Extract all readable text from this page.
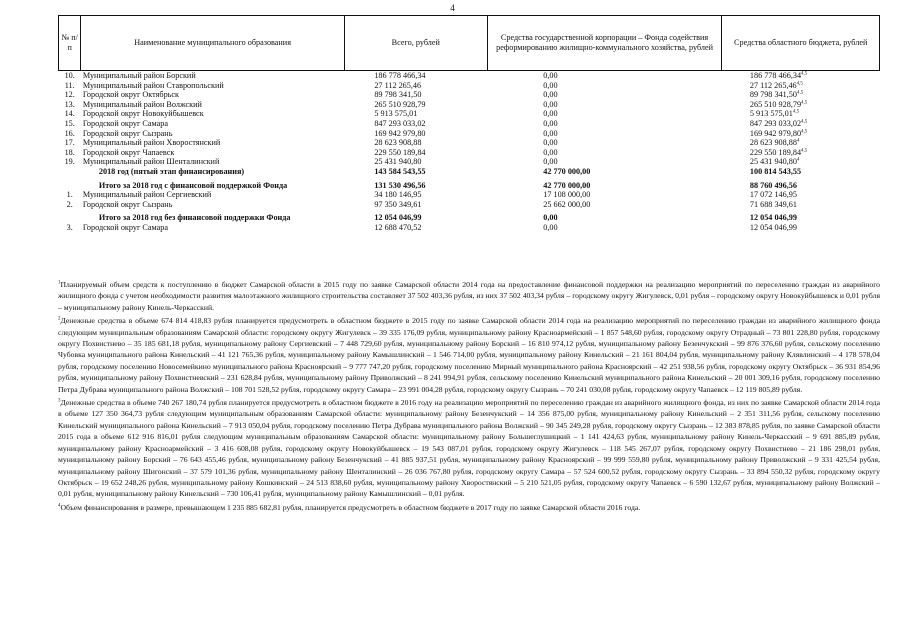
4
№ п/п	Наименование муниципального образования	Всего, рублей	Средства государственной корпорации – Фонда содействия реформированию жилищно-коммунального хозяйства, рублей	Средства областного бюджета, рублей
10.	Муниципальный район Борский	186 778 466,34	0,00	186 778 466,34$^{4,5}$
11.	Муниципальный район Ставропольский	27 112 265,46	0,00	27 112 265,46$^{4,5}$
12.	Городской округ Октябрьск	89 798 341,50	0,00	89 798 341,50$^{4,5}$
13.	Муниципальный район Волжский	265 510 928,79	0,00	265 510 928,79$^{4,5}$
14.	Городской округ Новокуйбышевск	5 913 575,01	0,00	5 913 575,01$^{4,5}$
15.	Городской округ Самара	847 293 033,02	0,00	847 293 033,02$^{4,5}$
16.	Городской округ Сызрань	169 942 979,80	0,00	169 942 979,80$^{4,5}$
17.	Муниципальный район Хворостянский	28 623 908,88	0,00	28 623 908,88$^4$
18.	Городской округ Чапаевск	229 550 189,84	0,00	229 550 189,84$^{4,5}$
19.	Муниципальный район Шенталинский	25 431 940,80	0,00	25 431 940,80$^4$
	2018 год (пятый этап финансирования)	143 584 543,55	42 770 000,00	100 814 543,55

	Итого за 2018 год с финансовой поддержкой Фонда	131 530 496,56	42 770 000,00	88 760 496,56
1.	Муниципальный район Сергиевский	34 180 146,95	17 108 000,00	17 072 146,95
2.	Городской округ Сызрань	97 350 349,61	25 662 000,00	71 688 349,61

	Итого за 2018 год без финансовой поддержки Фонда	12 054 046,99	0,00	12 054 046,99
3.	Городской округ Самара	12 688 470,52	0,00	12 054 046,99

$^1$Планируемый объем средств к поступлению в бюджет Самарской области в 2015 году по заявке Самарской области 2014 года на предоставление финансовой поддержки на реализацию мероприятий по переселению граждан из аварийного жилищного фонда с учетом необходимости развития малоэтажного жилищного строительства составляет 37 502 403,36 рубля, из них 37 502 403,34 рубля – городскому округу Жигулевск, 0,01 рубля – городскому округу Новокуйбышевск и 0,01 рубля – муниципальному району Кинель-Черкасский.

$^2$Денежные средства в объеме 674 814 418,83 рубля планируется предусмотреть в областном бюджете в 2015 году по заявке Самарской области 2014 года на реализацию мероприятий по переселению граждан из аварийного жилищного фонда следующим муниципальным образованиям Самарской области: городскому округу Жигулевск – 39 335 176,09 рубля, муниципальному району Красноармейский – 1 857 548,60 рубля, городскому округу Отрадный – 73 801 228,80 рубля, городскому округу Похвистнево – 35 185 681,18 рубля, муниципальному району Сергиевский – 7 448 729,60 рубля, муниципальному району Борский – 16 810 974,12 рубля, муниципальному району Безенчукский – 99 876 376,60 рубля, сельскому поселению Чубовка муниципального района Кинельский – 41 121 765,36 рубля, муниципальному району Камышлинский – 1 546 714,00 рубля, муниципальному району Кинельский – 21 161 804,04 рубля, муниципальному району Клявлинский – 4 178 578,04 рубля, городскому поселению Новосемейкино муниципального района Красноярский – 9 777 747,20 рубля, городскому поселению Мирный муниципального района Красноярский – 42 251 938,56 рубля, городскому округу Октябрьск – 36 931 854,96 рубля, муниципальному району Похвистневский – 231 628,84 рубля, муниципальному району Приволжский – 8 241 994,91 рубля, сельскому поселению Кинельский муниципального района Кинельский – 20 001 309,16 рубля, городскому поселению Петра Дубрава муниципального района Волжский – 108 701 528,52 рубля, городскому округу Самара – 23 991 004,28 рубля, городскому округу Сызрань – 70 241 030,08 рубля, городскому округу Чапаевск – 12 119 805,89 рубля.

$^3$Денежные средства в объеме 740 267 180,74 рубля планируется предусмотреть в областном бюджете в 2016 году на реализацию мероприятий по переселению граждан из аварийного жилищного фонда, из них по заявке Самарской области 2014 года в объеме 127 350 364,73 рубля следующим муниципальным образованиям Самарской области: муниципальному району Безенчукский – 14 356 875,00 рубля, муниципальному району Кинельский – 2 351 311,56 рубля, сельскому поселению Кинельский муниципального района Кинельский – 7 913 050,04 рубля, городскому поселению Петра Дубрава муниципального района Волжский – 90 345 249,28 рубля, городскому округу Сызрань – 12 383 878,85 рубля, по заявке Самарской области 2015 года в объеме 612 916 816,01 рубля следующим муниципальным образованиям Самарской области: муниципальному району Большеглушицкий – 1 141 424,63 рубля, муниципальному району Кинель-Черкасский – 9 691 885,89 рубля, муниципальному району Красноармейский – 3 416 608,08 рубля, городскому округу Новокуйбышевск – 19 543 087,01 рубля, городскому округу Жигулевск – 118 545 267,07 рубля, городскому округу Похвистнево – 21 186 298,01 рубля, муниципальному району Борский – 76 643 455,46 рубля, муниципальному району Безенчукский – 41 885 937,51 рубля, муниципальному району Красноярский – 99 999 559,80 рубля, муниципальному району Приволжский – 9 331 425,54 рубля, муниципальному району Шигонский – 37 579 101,36 рубля, муниципальному району Шенталинский – 26 036 767,80 рубля, городскому округу Самара – 57 524 600,52 рубля, городскому округу Сызрань – 33 894 550,32 рубля, городскому округу Октябрьск – 19 652 248,26 рубля, муниципальному району Кошкинский – 24 513 838,60 рубля, муниципальному району Хворостянский – 5 210 521,05 рубля, городскому округу Чапаевск – 6 590 132,67 рубля, муниципальному району Волжский – 0,01 рубля, муниципальному району Кинельский – 730 106,41 рубля, муниципальному району Камышлинский – 0,01 рубля.

$^4$Объем финансирования в размере, превышающем 1 235 885 682,81 рубля, планируется предусмотреть в областном бюджете в 2017 году по заявке Самарской области 2016 года.
